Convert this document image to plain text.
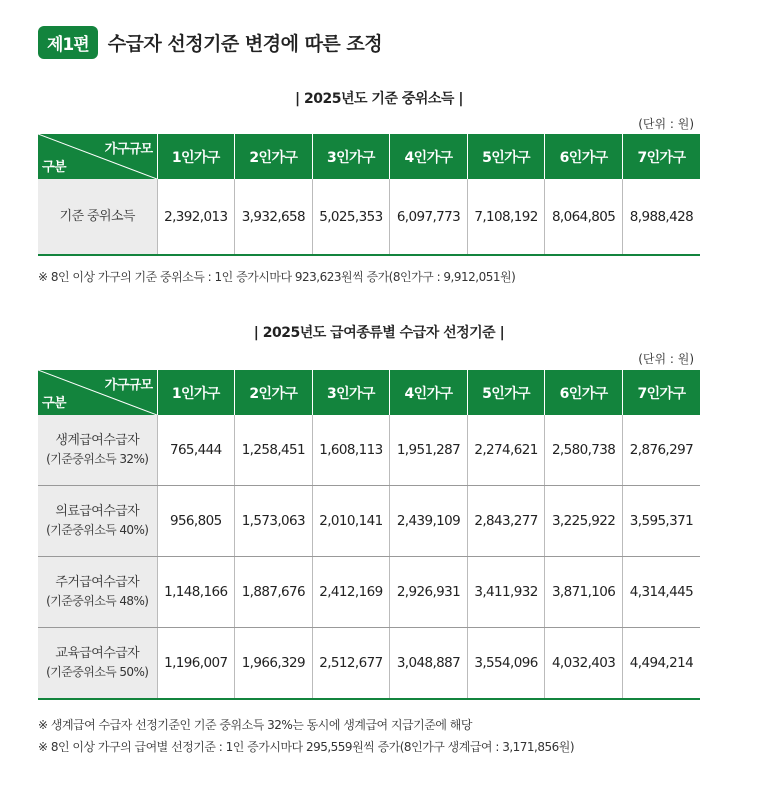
제1편	수급자 선정기준 변경에 따른 조정
| 2025년도 기준 중위소득 |
(단위 : 원)
가구규모
구분	1인가구	2인가구	3인가구	4인가구	5인가구	6인가구	7인가구
기준 중위소득	2,392,013	3,932,658	5,025,353	6,097,773	7,108,192	8,064,805	8,988,428
※ 8인 이상 가구의 기준 중위소득 : 1인 증가시마다 923,623원씩 증가(8인가구 : 9,912,051원)
| 2025년도 급여종류별 수급자 선정기준 |
(단위 : 원)
가구규모
구분	1인가구	2인가구	3인가구	4인가구	5인가구	6인가구	7인가구

생계급여수급자
(기준중위소득 32%)	765,444	1,258,451	1,608,113	1,951,287	2,274,621	2,580,738	2,876,297

의료급여수급자
(기준중위소득 40%)	956,805	1,573,063	2,010,141	2,439,109	2,843,277	3,225,922	3,595,371

주거급여수급자
(기준중위소득 48%)	1,148,166	1,887,676	2,412,169	2,926,931	3,411,932	3,871,106	4,314,445

교육급여수급자
(기준중위소득 50%)	1,196,007	1,966,329	2,512,677	3,048,887	3,554,096	4,032,403	4,494,214
※ 생계급여 수급자 선정기준인 기준 중위소득 32%는 동시에 생계급여 지급기준에 해당
※ 8인 이상 가구의 급여별 선정기준 : 1인 증가시마다 295,559원씩 증가(8인가구 생계급여 : 3,171,856원)
